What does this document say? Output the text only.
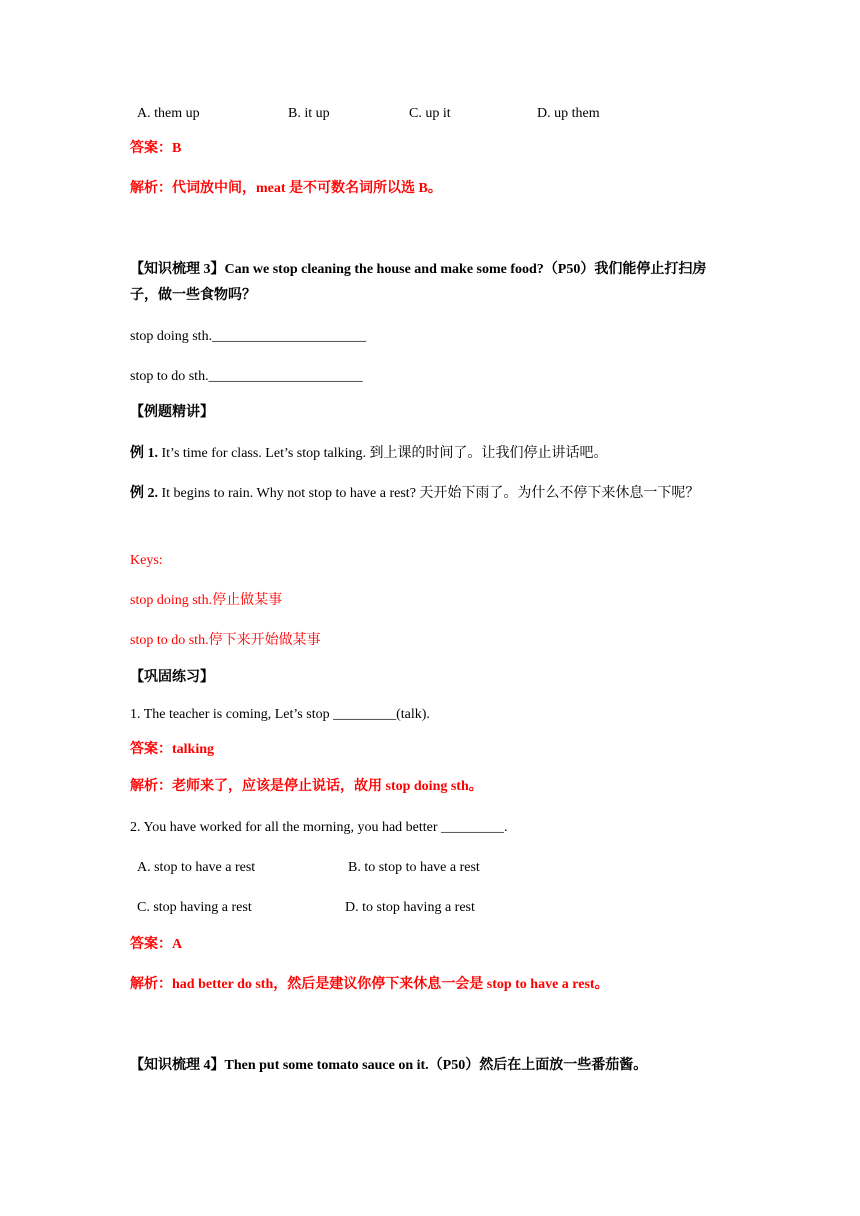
A. them up	B. it up	C. up it	D. up them
答案：B
解析：代词放中间，meat 是不可数名词所以选 B。
【知识梳理 3】Can we stop cleaning the house and make some food?（P50）我们能停止打扫房子，做一些食物吗？
stop doing sth.______________________
stop to do sth.______________________
【例题精讲】
例 1. It’s time for class. Let’s stop talking. 到上课的时间了。让我们停止讲话吧。
例 2. It begins to rain. Why not stop to have a rest? 天开始下雨了。为什么不停下来休息一下呢？
Keys:
stop doing sth.停止做某事
stop to do sth.停下来开始做某事
【巩固练习】
1. The teacher is coming, Let’s stop _________(talk).
答案：talking
解析：老师来了，应该是停止说话，故用 stop doing sth。
2. You have worked for all the morning, you had better _________.
A. stop to have a rest	B. to stop to have a rest
C. stop having a rest	D. to stop having a rest
答案：A
解析：had better do sth，然后是建议你停下来休息一会是 stop to have a rest。
【知识梳理 4】Then put some tomato sauce on it.（P50）然后在上面放一些番茄酱。
